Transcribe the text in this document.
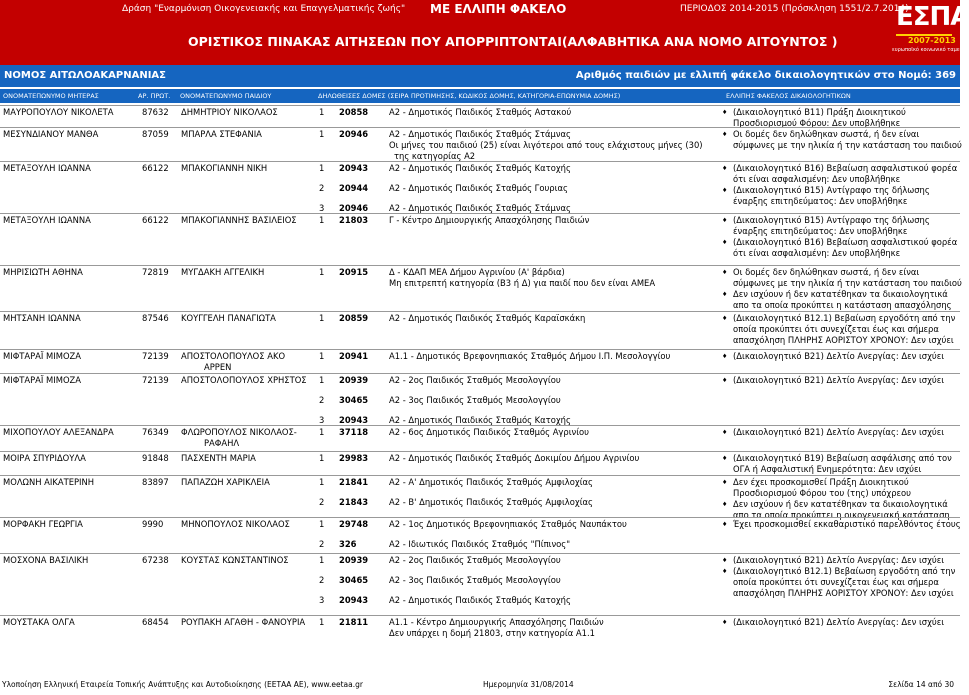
Δράση "Εναρμόνιση Οικογενειακής και Επαγγελματικής ζωής" ΜΕ ΕΛΛΙΠΗ ΦΑΚΕΛΟ	ΠΕΡΙΟΔΟΣ 2014-2015 (Πρόσκληση 1551/2.7.2014)
ΟΡΙΣΤΙΚΟΣ ΠΙΝΑΚΑΣ ΑΙΤΗΣΕΩΝ ΠΟΥ ΑΠΟΡΡΙΠΤΟΝΤΑΙ(ΑΛΦΑΒΗΤΙΚΑ ΑΝΑ ΝΟΜΟ ΑΙΤΟΥΝΤΟΣ )
ΕΣΠΑ
2007-2013
ευρωπαϊκό κοινωνικό ταμείο
ΝΟΜΟΣ ΑΙΤΩΛΟΑΚΑΡΝΑΝΙΑΣ	Αριθμός παιδιών με ελλιπή φάκελο δικαιολογητικών στο Νομό: 369
ΟΝΟΜΑΤΕΠΩΝΥΜΟ ΜΗΤΕΡΑΣ	ΑΡ. ΠΡΩΤ. ΟΝΟΜΑΤΕΠΩΝΥΜΟ ΠΑΙΔΙΟΥ	ΔΗΛΩΘΕΙΣΕΣ ΔΟΜΕΣ (ΣΕΙΡΑ ΠΡΟΤΙΜΗΣΗΣ, ΚΩΔΙΚΟΣ ΔΟΜΗΣ, ΚΑΤΗΓΟΡΙΑ-ΕΠΩΝΥΜΙΑ ΔΟΜΗΣ)	ΕΛΛΙΠΗΣ ΦΑΚΕΛΟΣ ΔΙΚΑΙΟΛΟΓΗΤΙΚΩΝ
ΜΑΥΡΟΠΟΥΛΟΥ ΝΙΚΟΛΕΤΑ	87632 ΔΗΜΗΤΡΙΟΥ ΝΙΚΟΛΑΟΣ	1 20858 Α2 - Δημοτικός Παιδικός Σταθμός Αστακού	♦ (Δικαιολογητικό Β11) Πράξη Διοικητικού
Προσδιορισμού Φόρου: Δεν υποβλήθηκε
ΜΕΣΥΝΔΙΑΝΟΥ ΜΑΝΘΑ	87059 ΜΠΑΡΛΑ ΣΤΕΦΑΝΙΑ	1 20946 Α2 - Δημοτικός Παιδικός Σταθμός Στάμνας
Οι μήνες του παιδιού (25) είναι λιγότεροι από τους ελάχιστους μήνες (30)
της κατηγορίας Α2
♦ Οι δομές δεν δηλώθηκαν σωστά, ή δεν είναι
σύμφωνες με την ηλικία ή την κατάσταση του παιδιού
ΜΕΤΑΞΟΥΛΗ ΙΩΑΝΝΑ	66122 ΜΠΑΚΟΓΙΑΝΝΗ ΝΙΚΗ	1 20943 Α2 - Δημοτικός Παιδικός Σταθμός Κατοχής
2 20944 Α2 - Δημοτικός Παιδικός Σταθμός Γουριας
3 20946 Α2 - Δημοτικός Παιδικός Σταθμός Στάμνας
♦ (Δικαιολογητικό Β16) Βεβαίωση ασφαλιστικού φορέα
ότι είναι ασφαλισμένη: Δεν υποβλήθηκε
♦ (Δικαιολογητικό Β15) Αντίγραφο της δήλωσης
έναρξης επιτηδεύματος: Δεν υποβλήθηκε
ΜΕΤΑΞΟΥΛΗ ΙΩΑΝΝΑ	66122 ΜΠΑΚΟΓΙΑΝΝΗΣ ΒΑΣΙΛΕΙΟΣ	1 21803 Γ - Κέντρο Δημιουργικής Απασχόλησης Παιδιών	♦ (Δικαιολογητικό Β15) Αντίγραφο της δήλωσης
έναρξης επιτηδεύματος: Δεν υποβλήθηκε
♦ (Δικαιολογητικό Β16) Βεβαίωση ασφαλιστικού φορέα
ότι είναι ασφαλισμένη: Δεν υποβλήθηκε
ΜΗΡΙΣΙΩΤΗ ΑΘΗΝΑ	72819 ΜΥΓΔΑΚΗ ΑΓΓΕΛΙΚΗ	1 20915 Δ - ΚΔΑΠ ΜΕΑ Δήμου Αγρινίου (Α' βάρδια)
Μη επιτρεπτή κατηγορία (Β3 ή Δ) για παιδί που δεν είναι ΑΜΕΑ
♦ Οι δομές δεν δηλώθηκαν σωστά, ή δεν είναι
σύμφωνες με την ηλικία ή την κατάσταση του παιδιού
♦ Δεν ισχύουν ή δεν κατατέθηκαν τα δικαιολογητικά
απο τα οποία προκύπτει η κατάσταση απασχόλησης
ΜΗΤΣΑΝΗ ΙΩΑΝΝΑ	87546 ΚΟΥΓΓΕΛΗ ΠΑΝΑΓΙΩΤΑ	1 20859 Α2 - Δημοτικός Παιδικός Σταθμός Καραϊσκάκη	♦ (Δικαιολογητικό Β12.1) Βεβαίωση εργοδότη από την
οποία προκύπτει ότι συνεχίζεται έως και σήμερα
απασχόληση ΠΛΗΡΗΣ ΑΟΡΙΣΤΟΥ ΧΡΟΝΟΥ: Δεν ισχύει
ΜΙΦΤΑΡΑΪ ΜΙΜΟΖΑ	72139 ΑΠΟΣΤΟΛΟΠΟΥΛΟΣ ΑΚΟ
ΑΡΡΕΝ
1 20941 Α1.1 - Δημοτικός Βρεφονηπιακός Σταθμός Δήμου Ι.Π. Μεσολογγίου	♦ (Δικαιολογητικό Β21) Δελτίο Ανεργίας: Δεν ισχύει
ΜΙΦΤΑΡΑΪ ΜΙΜΟΖΑ	72139 ΑΠΟΣΤΟΛΟΠΟΥΛΟΣ ΧΡΗΣΤΟΣ 1 20939 Α2 - 2ος Παιδικός Σταθμός Μεσολογγίου
2 30465 Α2 - 3ος Παιδικός Σταθμός Μεσολογγίου
3 20943 Α2 - Δημοτικός Παιδικός Σταθμός Κατοχής
♦ (Δικαιολογητικό Β21) Δελτίο Ανεργίας: Δεν ισχύει
ΜΙΧΟΠΟΥΛΟΥ ΑΛΕΞΑΝΔΡΑ	76349 ΦΛΩΡΟΠΟΥΛΟΣ ΝΙΚΟΛΑΟΣ-
ΡΑΦΑΗΛ
1 37118 Α2 - 6ος Δημοτικός Παιδικός Σταθμός Αγρινίου	♦ (Δικαιολογητικό Β21) Δελτίο Ανεργίας: Δεν ισχύει
ΜΟΙΡΑ ΣΠΥΡΙΔΟΥΛΑ	91848 ΠΑΣΧΕΝΤΗ ΜΑΡΙΑ	1 29983 Α2 - Δημοτικός Παιδικός Σταθμός Δοκιμίου Δήμου Αγρινίου	♦ (Δικαιολογητικό Β19) Βεβαίωση ασφάλισης από τον
ΟΓΑ ή Ασφαλιστική Ενημερότητα: Δεν ισχύει
ΜΟΛΩΝΗ ΑΙΚΑΤΕΡΙΝΗ	83897 ΠΑΠΑΖΩΗ ΧΑΡΙΚΛΕΙΑ	1 21841 Α2 - Α' Δημοτικός Παιδικός Σταθμός Αμφιλοχίας
2 21843 Α2 - Β' Δημοτικός Παιδικός Σταθμός Αμφιλοχίας
♦ Δεν έχει προσκομισθεί Πράξη Διοικητικού
Προσδιορισμού Φόρου του (της) υπόχρεου
♦ Δεν ισχύουν ή δεν κατατέθηκαν τα δικαιολογητικά
απο τα οποία προκύπτει η οικογενειακή κατάσταση
ΜΟΡΦΑΚΗ ΓΕΩΡΓΙΑ	9990 ΜΗΝΟΠΟΥΛΟΣ ΝΙΚΟΛΑΟΣ	1 29748 Α2 - 1ος Δημοτικός Βρεφονηπιακός Σταθμός Ναυπάκτου
2 326	Α2 - Ιδιωτικός Παιδικός Σταθμός "Πίπινος"
♦ Έχει προσκομισθεί εκκαθαριστικό παρελθόντος έτους
ΜΟΣΧΟΝΑ ΒΑΣΙΛΙΚΗ	67238 ΚΟΥΣΤΑΣ ΚΩΝΣΤΑΝΤΙΝΟΣ	1 20939 Α2 - 2ος Παιδικός Σταθμός Μεσολογγίου
2 30465 Α2 - 3ος Παιδικός Σταθμός Μεσολογγίου
3 20943 Α2 - Δημοτικός Παιδικός Σταθμός Κατοχής
♦ (Δικαιολογητικό Β21) Δελτίο Ανεργίας: Δεν ισχύει
♦ (Δικαιολογητικό Β12.1) Βεβαίωση εργοδότη από την
οποία προκύπτει ότι συνεχίζεται έως και σήμερα
απασχόληση ΠΛΗΡΗΣ ΑΟΡΙΣΤΟΥ ΧΡΟΝΟΥ: Δεν ισχύει
ΜΟΥΣΤΑΚΑ ΟΛΓΑ	68454 ΡΟΥΠΑΚΗ ΑΓΑΘΗ - ΦΑΝΟΥΡΙΑ 1 21811 Α1.1 - Κέντρο Δημιουργικής Απασχόλησης Παιδιών
Δεν υπάρχει η δομή 21803, στην κατηγορία Α1.1
♦ (Δικαιολογητικό Β21) Δελτίο Ανεργίας: Δεν ισχύει
Υλοποίηση Ελληνική Εταιρεία Τοπικής Ανάπτυξης και Αυτοδιοίκησης (ΕΕΤΑΑ ΑΕ), www.eetaa.gr	Ημερομηνία 31/08/2014	Σελίδα 14 από 30
